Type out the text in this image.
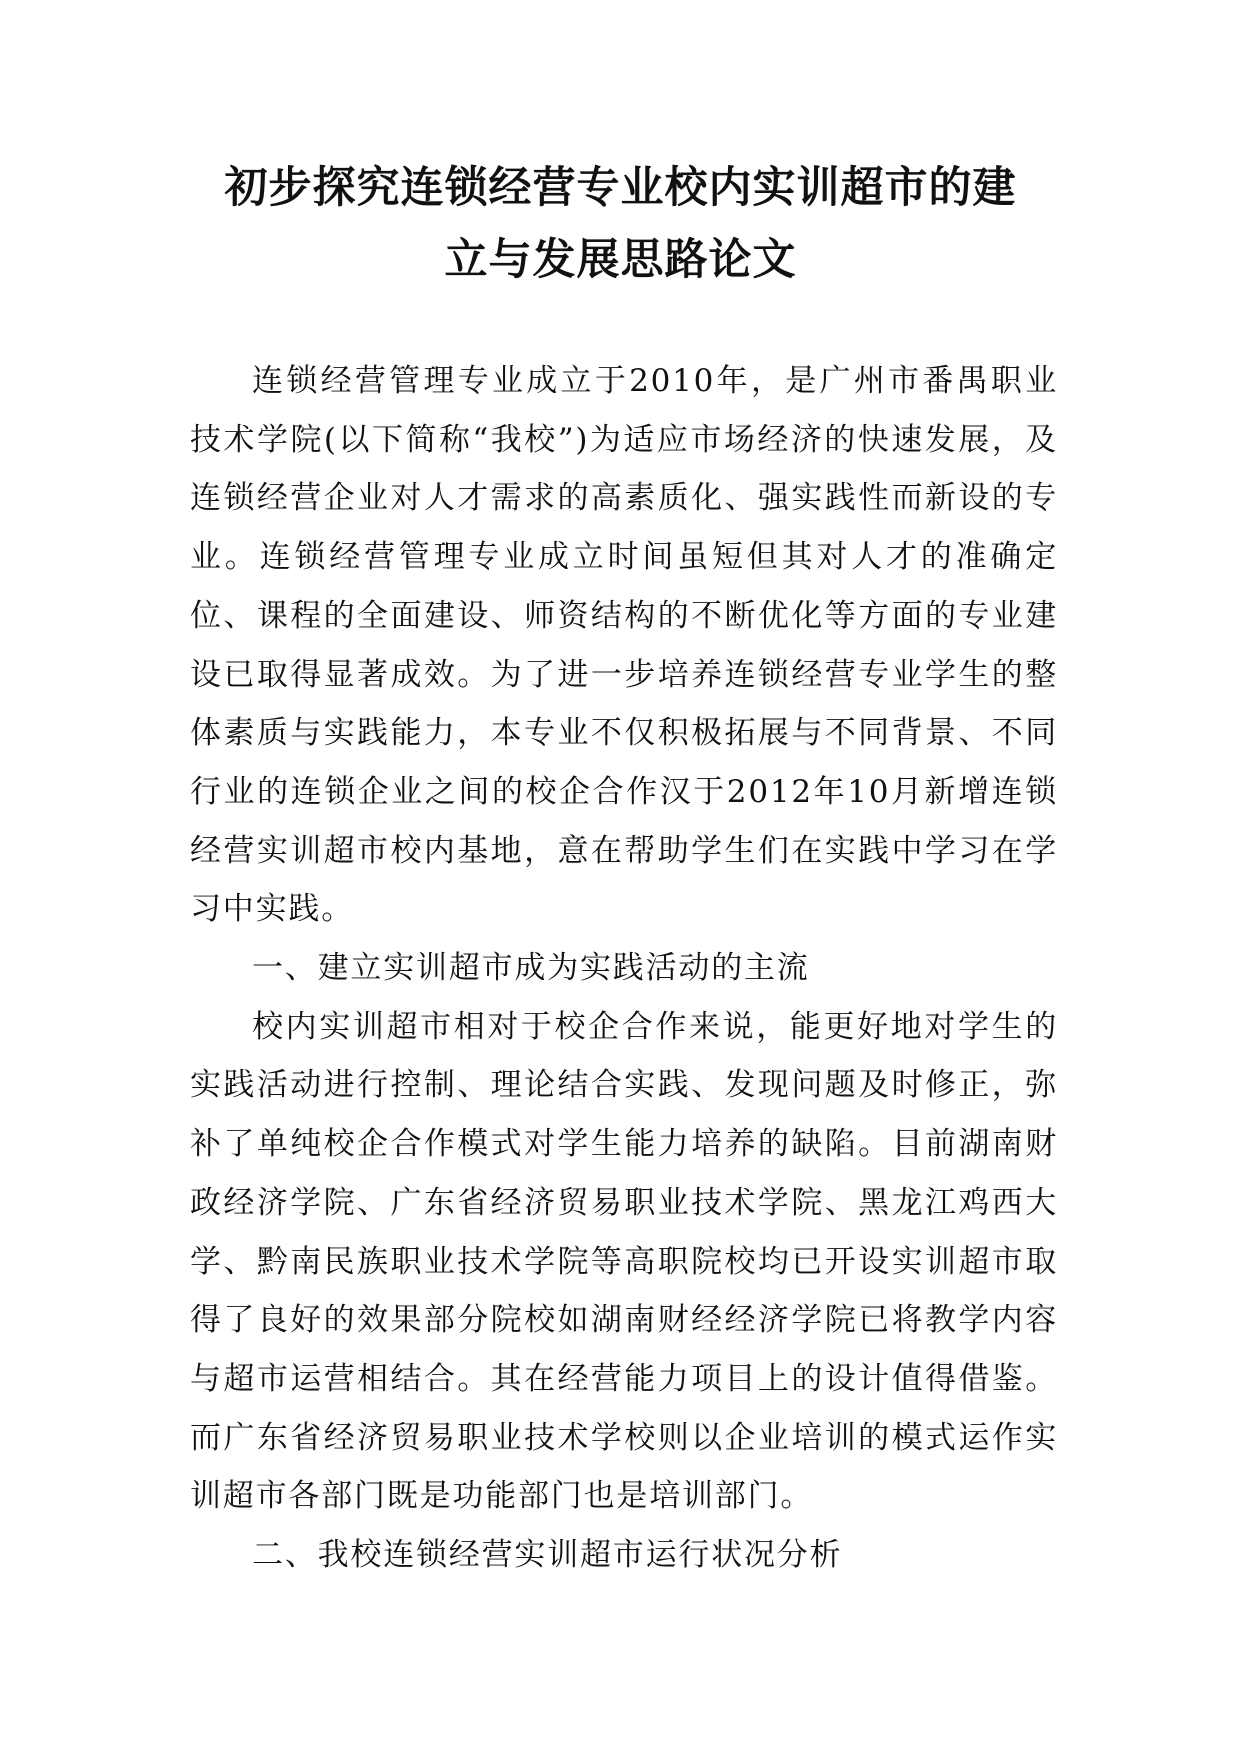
初步探究连锁经营专业校内实训超市的建
立与发展思路论文

连锁经营管理专业成立于2010年，是广州市番禺职业技术学院(以下简称“我校”)为适应市场经济的快速发展，及连锁经营企业对人才需求的高素质化、强实践性而新设的专业。连锁经营管理专业成立时间虽短但其对人才的准确定位、课程的全面建设、师资结构的不断优化等方面的专业建设已取得显著成效。为了进一步培养连锁经营专业学生的整体素质与实践能力，本专业不仅积极拓展与不同背景、不同行业的连锁企业之间的校企合作汉于2012年10月新增连锁经营实训超市校内基地，意在帮助学生们在实践中学习在学习中实践。

一、建立实训超市成为实践活动的主流

校内实训超市相对于校企合作来说，能更好地对学生的实践活动进行控制、理论结合实践、发现问题及时修正，弥补了单纯校企合作模式对学生能力培养的缺陷。目前湖南财政经济学院、广东省经济贸易职业技术学院、黑龙江鸡西大学、黔南民族职业技术学院等高职院校均已开设实训超市取得了良好的效果部分院校如湖南财经经济学院已将教学内容与超市运营相结合。其在经营能力项目上的设计值得借鉴。而广东省经济贸易职业技术学校则以企业培训的模式运作实训超市各部门既是功能部门也是培训部门。

二、我校连锁经营实训超市运行状况分析
